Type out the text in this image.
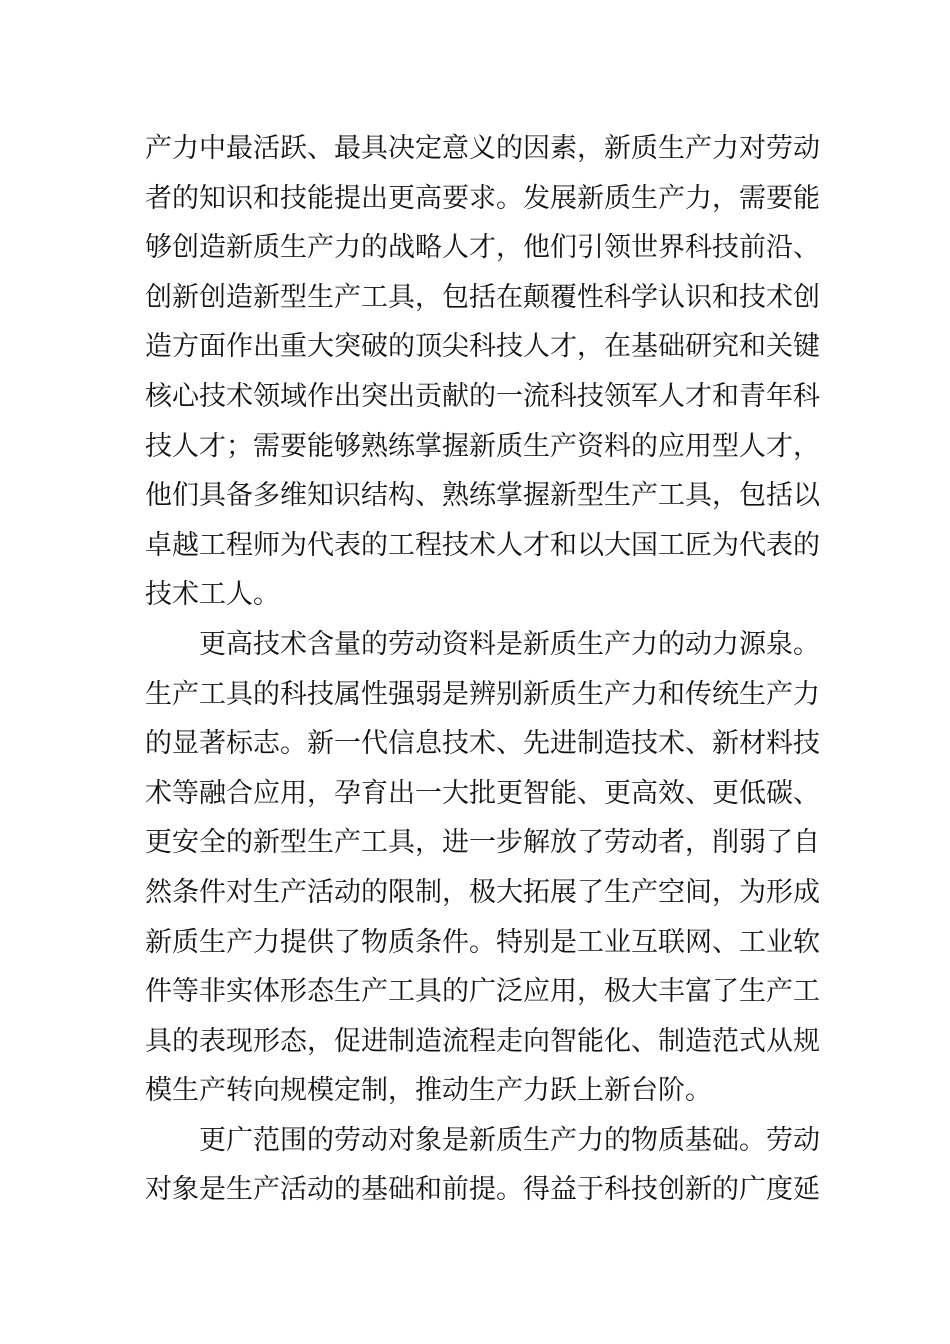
产力中最活跃、最具决定意义的因素，新质生产力对劳动
者的知识和技能提出更高要求。发展新质生产力，需要能
够创造新质生产力的战略人才，他们引领世界科技前沿、
创新创造新型生产工具，包括在颠覆性科学认识和技术创
造方面作出重大突破的顶尖科技人才，在基础研究和关键
核心技术领域作出突出贡献的一流科技领军人才和青年科
技人才；需要能够熟练掌握新质生产资料的应用型人才，
他们具备多维知识结构、熟练掌握新型生产工具，包括以
卓越工程师为代表的工程技术人才和以大国工匠为代表的
技术工人。
更高技术含量的劳动资料是新质生产力的动力源泉。
生产工具的科技属性强弱是辨别新质生产力和传统生产力
的显著标志。新一代信息技术、先进制造技术、新材料技
术等融合应用，孕育出一大批更智能、更高效、更低碳、
更安全的新型生产工具，进一步解放了劳动者，削弱了自
然条件对生产活动的限制，极大拓展了生产空间，为形成
新质生产力提供了物质条件。特别是工业互联网、工业软
件等非实体形态生产工具的广泛应用，极大丰富了生产工
具的表现形态，促进制造流程走向智能化、制造范式从规
模生产转向规模定制，推动生产力跃上新台阶。
更广范围的劳动对象是新质生产力的物质基础。劳动
对象是生产活动的基础和前提。得益于科技创新的广度延
